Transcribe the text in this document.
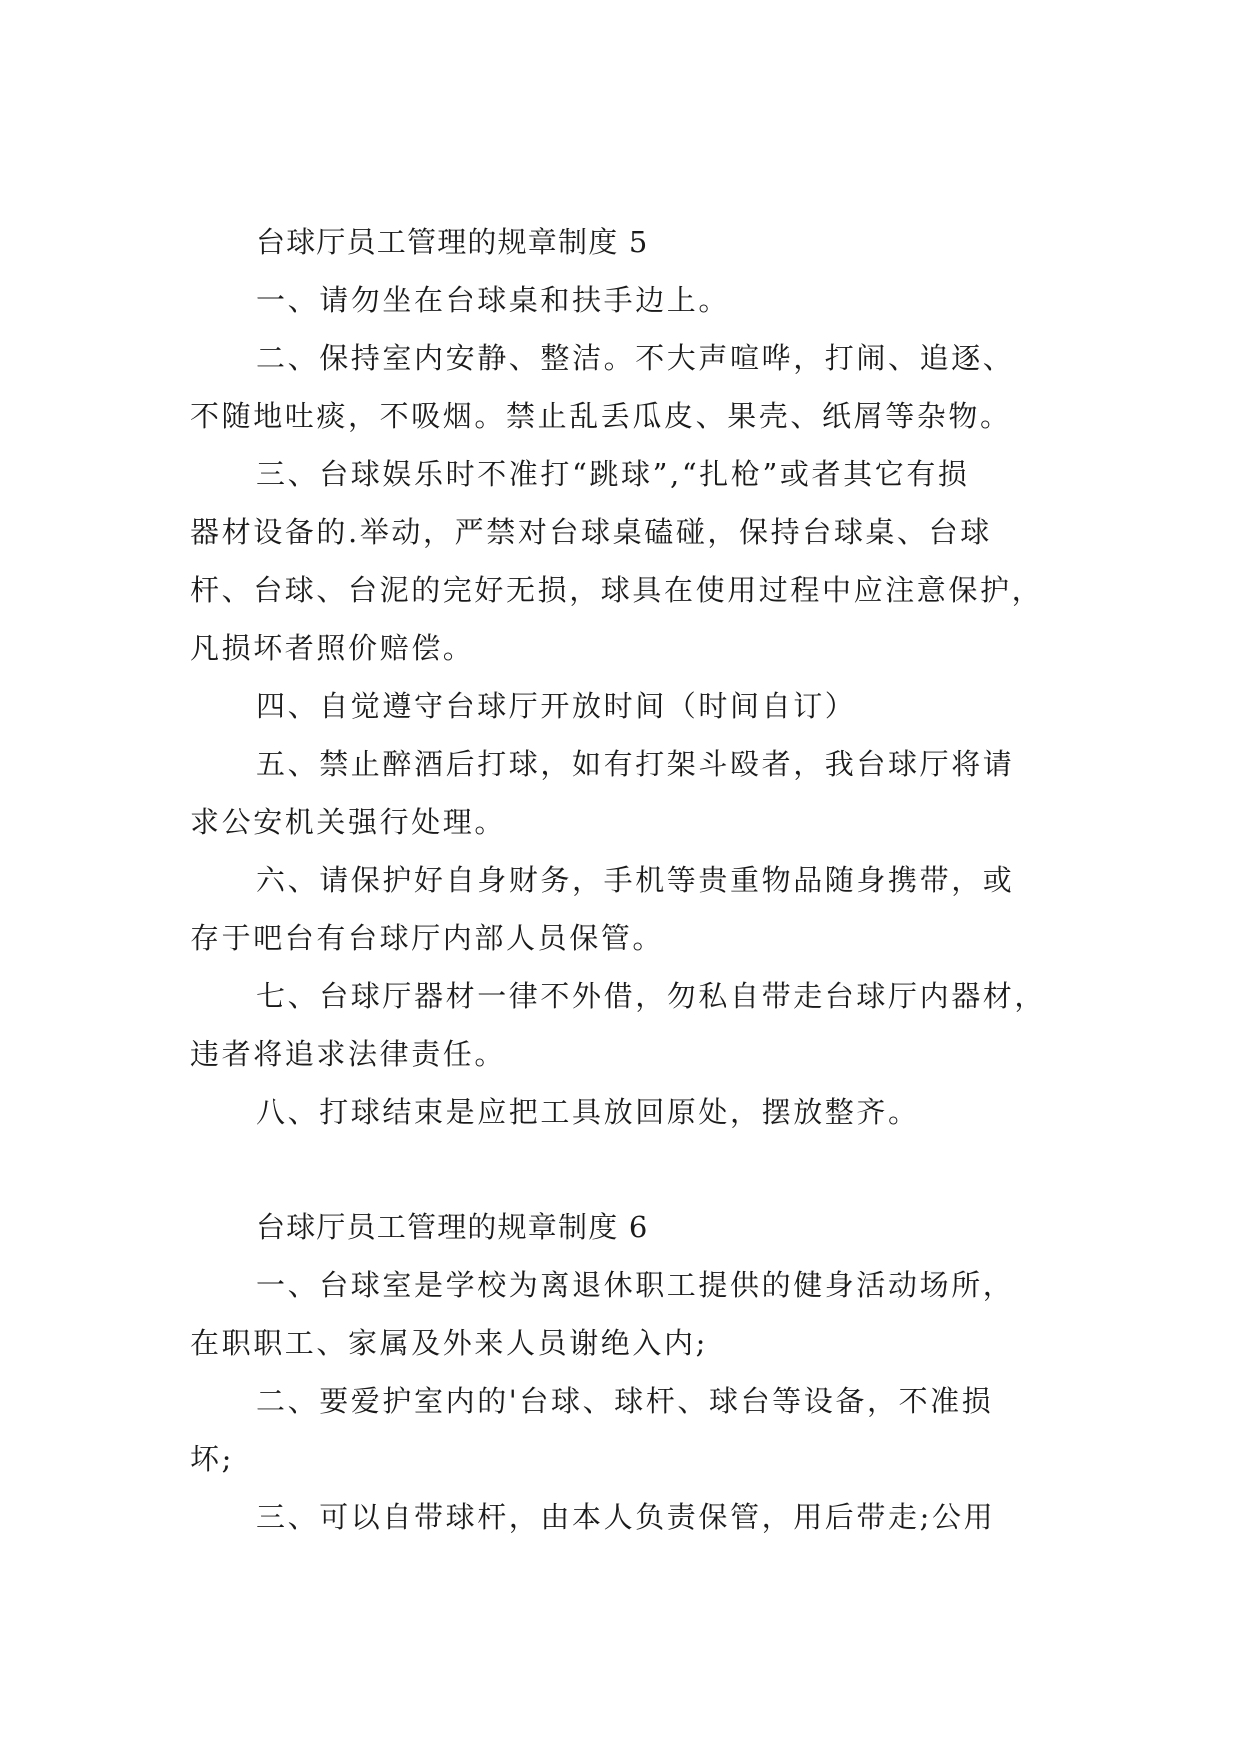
台球厅员工管理的规章制度 5
一、请勿坐在台球桌和扶手边上。
二、保持室内安静、整洁。不大声喧哗，打闹、追逐、
不随地吐痰，不吸烟。禁止乱丢瓜皮、果壳、纸屑等杂物。
三、台球娱乐时不准打“跳球”,“扎枪”或者其它有损
器材设备的.举动，严禁对台球桌磕碰，保持台球桌、台球
杆、台球、台泥的完好无损，球具在使用过程中应注意保护，
凡损坏者照价赔偿。
四、自觉遵守台球厅开放时间（时间自订）
五、禁止醉酒后打球，如有打架斗殴者，我台球厅将请
求公安机关强行处理。
六、请保护好自身财务，手机等贵重物品随身携带，或
存于吧台有台球厅内部人员保管。
七、台球厅器材一律不外借，勿私自带走台球厅内器材，
违者将追求法律责任。
八、打球结束是应把工具放回原处，摆放整齐。
台球厅员工管理的规章制度 6
一、台球室是学校为离退休职工提供的健身活动场所，
在职职工、家属及外来人员谢绝入内;
二、要爱护室内的'台球、球杆、球台等设备，不准损
坏;
三、可以自带球杆，由本人负责保管，用后带走;公用
